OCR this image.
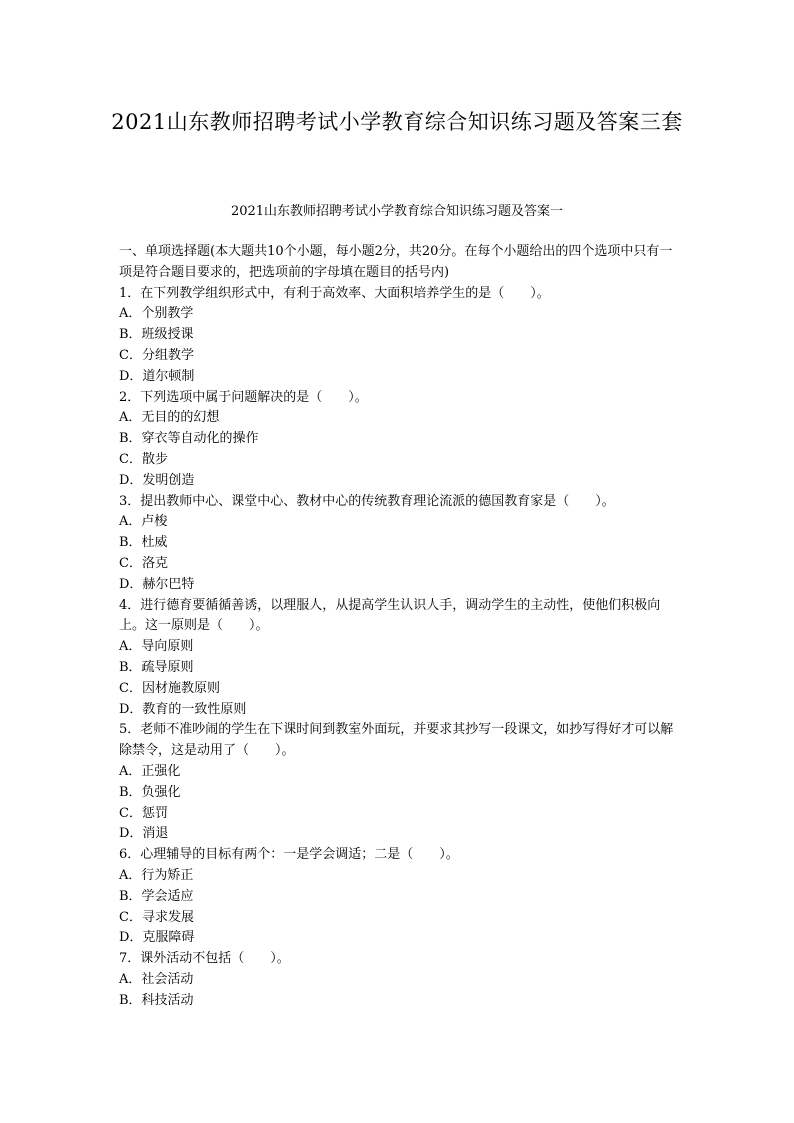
2021山东教师招聘考试小学教育综合知识练习题及答案三套
2021山东教师招聘考试小学教育综合知识练习题及答案一
一、单项选择题(本大题共10个小题，每小题2分，共20分。在每个小题给出的四个选项中只有一项是符合题目要求的，把选项前的字母填在题目的括号内)
1．在下列教学组织形式中，有利于高效率、大面积培养学生的是（　　）。
A．个别教学
B．班级授课
C．分组教学
D．道尔顿制
2．下列选项中属于问题解决的是（　　）。
A．无目的的幻想
B．穿衣等自动化的操作
C．散步
D．发明创造
3．提出教师中心、课堂中心、教材中心的传统教育理论流派的德国教育家是（　　）。
A．卢梭
B．杜威
C．洛克
D．赫尔巴特
4．进行德育要循循善诱，以理服人，从提高学生认识人手，调动学生的主动性，使他们积极向上。这一原则是（　　）。
A．导向原则
B．疏导原则
C．因材施教原则
D．教育的一致性原则
5．老师不准吵闹的学生在下课时间到教室外面玩，并要求其抄写一段课文，如抄写得好才可以解除禁令，这是动用了（　　）。
A．正强化
B．负强化
C．惩罚
D．消退
6．心理辅导的目标有两个：一是学会调适；二是（　　）。
A．行为矫正
B．学会适应
C．寻求发展
D．克服障碍
7．课外活动不包括（　　）。
A．社会活动
B．科技活动
